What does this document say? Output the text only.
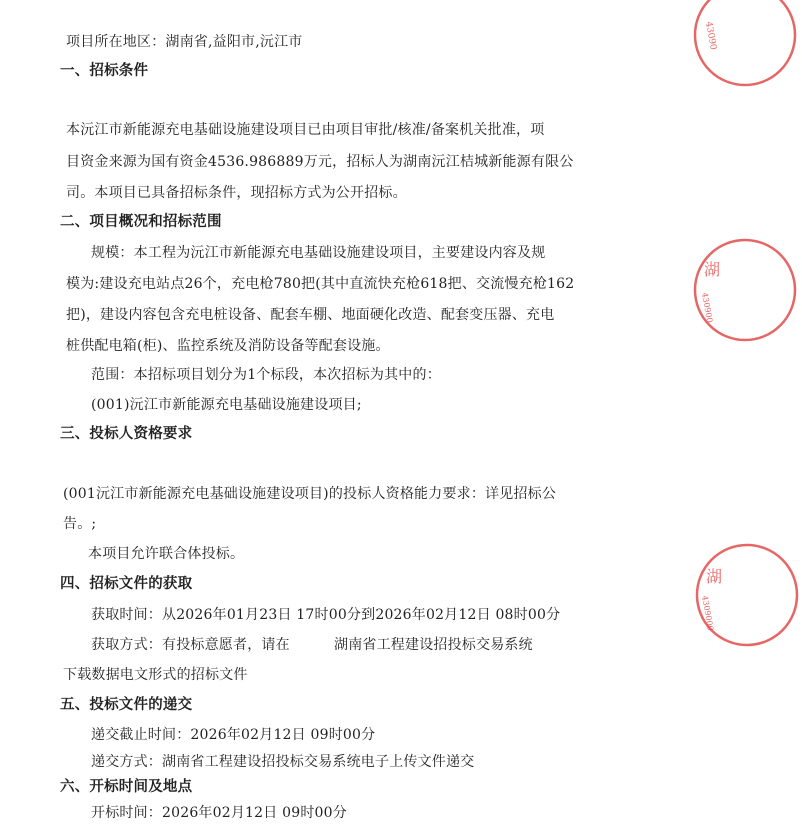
项目所在地区：湖南省,益阳市,沅江市
一、招标条件
本沅江市新能源充电基础设施建设项目已由项目审批/核准/备案机关批准，项
目资金来源为国有资金4536.986889万元，招标人为湖南沅江桔城新能源有限公
司。本项目已具备招标条件，现招标方式为公开招标。
二、项目概况和招标范围
规模：本工程为沅江市新能源充电基础设施建设项目，主要建设内容及规
模为:建设充电站点26个，充电枪780把(其中直流快充枪618把、交流慢充枪162
把)，建设内容包含充电桩设备、配套车棚、地面硬化改造、配套变压器、充电
桩供配电箱(柜)、监控系统及消防设备等配套设施。
范围：本招标项目划分为1个标段，本次招标为其中的：
(001)沅江市新能源充电基础设施建设项目;
三、投标人资格要求
(001沅江市新能源充电基础设施建设项目)的投标人资格能力要求：详见招标公
告。;
本项目允许联合体投标。
四、招标文件的获取
获取时间：从2026年01月23日 17时00分到2026年02月12日 08时00分
获取方式：有投标意愿者，请在	湖南省工程建设招投标交易系统
下载数据电文形式的招标文件
五、投标文件的递交
递交截止时间：2026年02月12日 09时00分
递交方式：湖南省工程建设招投标交易系统电子上传文件递交
六、开标时间及地点
开标时间：2026年02月12日 09时00分
43090
湖
430900
湖
4309000
